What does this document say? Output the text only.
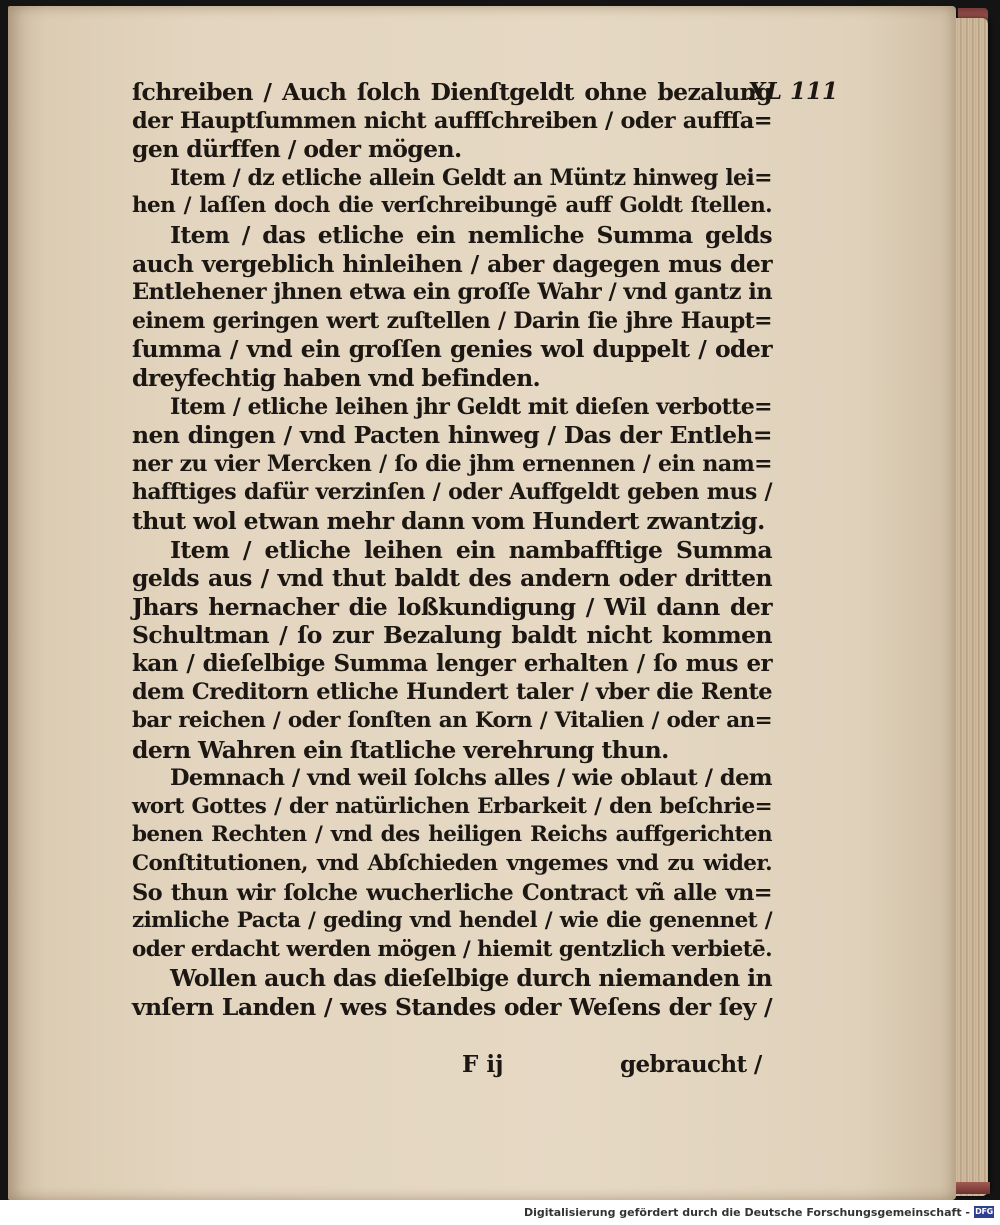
XL 111
ſchreiben / Auch ſolch Dienſtgeldt ohne bezalung
der Hauptſummen nicht auffſchreiben / oder auffſa=
gen dürffen / oder mögen.
Item / dz etliche allein Geldt an Müntz hinweg lei=
hen / laſſen doch die verſchreibungē auff Goldt ſtellen.
Item / das etliche ein nemliche Summa gelds
auch vergeblich hinleihen / aber dagegen mus der
Entlehener jhnen etwa ein groſſe Wahr / vnd gantz in
einem geringen wert zuſtellen / Darin ſie jhre Haupt=
ſumma / vnd ein groſſen genies wol duppelt / oder
dreyfechtig haben vnd befinden.
Item / etliche leihen jhr Geldt mit dieſen verbotte=
nen dingen / vnd Pacten hinweg / Das der Entleh=
ner zu vier Mercken / ſo die jhm ernennen / ein nam=
hafftiges dafür verzinſen / oder Auffgeldt geben mus /
thut wol etwan mehr dann vom Hundert zwantzig.
Item / etliche leihen ein nambafftige Summa
gelds aus / vnd thut baldt des andern oder dritten
Jhars hernacher die loßkundigung / Wil dann der
Schultman / ſo zur Bezalung baldt nicht kommen
kan / dieſelbige Summa lenger erhalten / ſo mus er
dem Creditorn etliche Hundert taler / vber die Rente
bar reichen / oder ſonſten an Korn / Vitalien / oder an=
dern Wahren ein ſtatliche verehrung thun.
Demnach / vnd weil ſolchs alles / wie oblaut / dem
wort Gottes / der natürlichen Erbarkeit / den beſchrie=
benen Rechten / vnd des heiligen Reichs auffgerichten
Conſtitutionen, vnd Abſchieden vngemes vnd zu wider.
So thun wir ſolche wucherliche Contract vñ alle vn=
zimliche Pacta / geding vnd hendel / wie die genennet /
oder erdacht werden mögen / hiemit gentzlich verbietē.
Wollen auch das dieſelbige durch niemanden in
vnſern Landen / wes Standes oder Weſens der ſey /
F ij	gebraucht /
Digitalisierung gefördert durch die Deutsche Forschungsgemeinschaft - DFG
